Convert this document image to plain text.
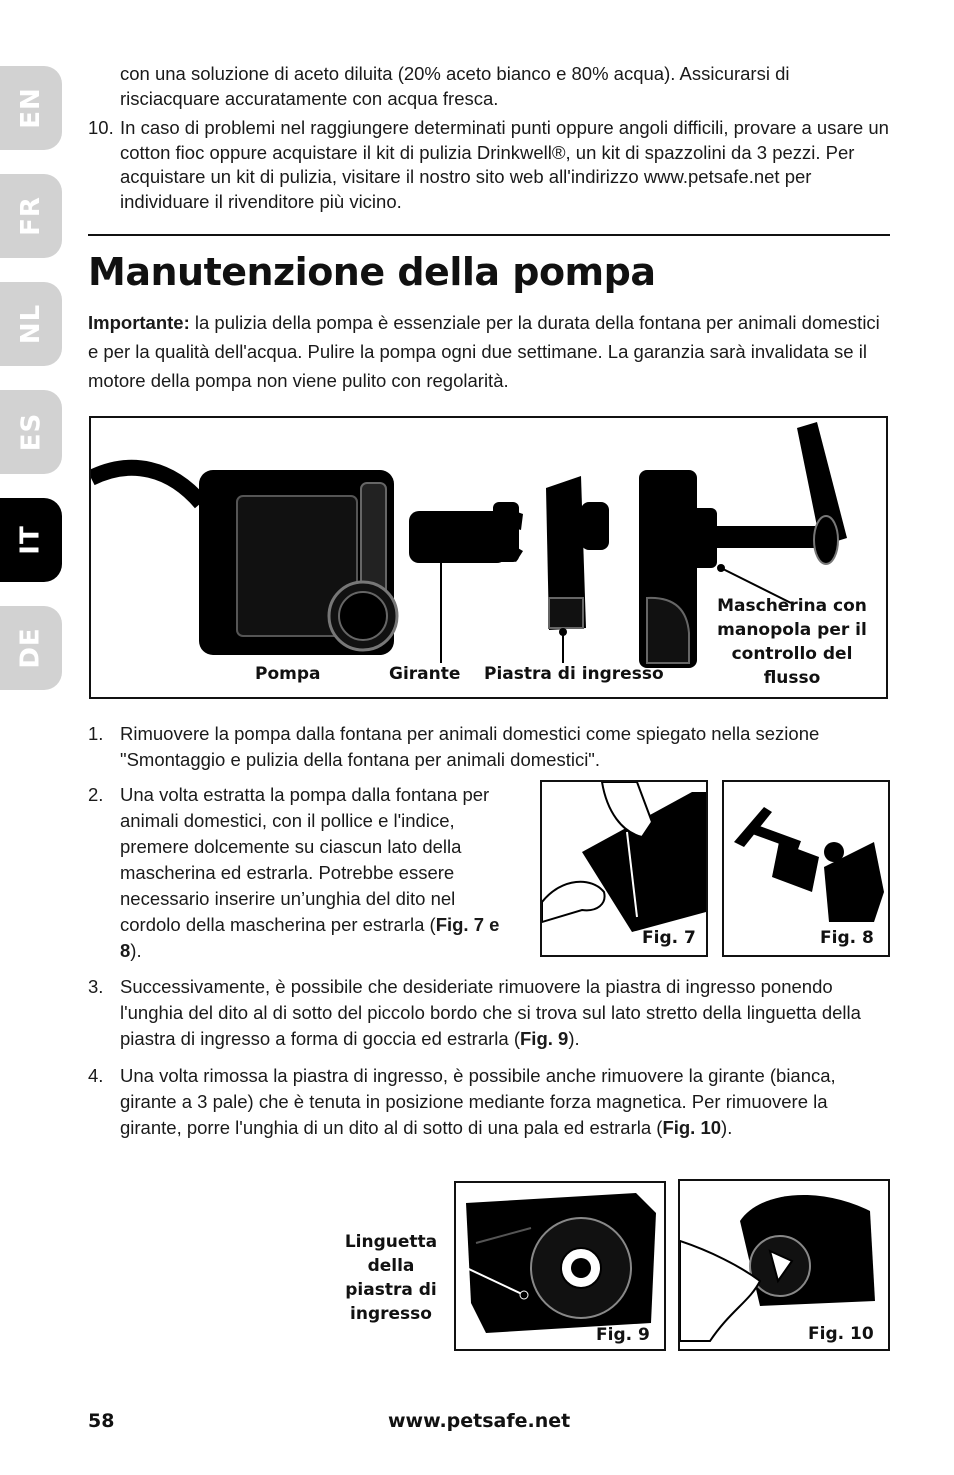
EN
FR
NL
ES
IT
DE
con una soluzione di aceto diluita (20% aceto bianco e 80% acqua). Assicurarsi di risciacquare accuratamente con acqua fresca.
10. In caso di problemi nel raggiungere determinati punti oppure angoli difficili, provare a usare un cotton fioc oppure acquistare il kit di pulizia Drinkwell®, un kit di spazzolini da 3 pezzi. Per acquistare un kit di pulizia, visitare il nostro sito web all'indirizzo www.petsafe.net per individuare il rivenditore più vicino.
Manutenzione della pompa
Importante: la pulizia della pompa è essenziale per la durata della fontana per animali domestici e per la qualità dell'acqua. Pulire la pompa ogni due settimane. La garanzia sarà invalidata se il motore della pompa non viene pulito con regolarità.
Pompa	Girante Piastra di ingresso
Mascherina con manopola per il controllo del flusso
1. Rimuovere la pompa dalla fontana per animali domestici come spiegato nella sezione "Smontaggio e pulizia della fontana per animali domestici".
2. Una volta estratta la pompa dalla fontana per animali domestici, con il pollice e l'indice, premere dolcemente su ciascun lato della mascherina ed estrarla. Potrebbe essere necessario inserire un’unghia del dito nel cordolo della mascherina per estrarla (Fig. 7 e 8).
Fig. 7	Fig. 8
3. Successivamente, è possibile che desideriate rimuovere la piastra di ingresso ponendo l'unghia del dito al di sotto del piccolo bordo che si trova sul lato stretto della linguetta della piastra di ingresso a forma di goccia ed estrarla (Fig. 9).
4. Una volta rimossa la piastra di ingresso, è possibile anche rimuovere la girante (bianca, girante a 3 pale) che è tenuta in posizione mediante forza magnetica. Per rimuovere la girante, porre l'unghia di un dito al di sotto di una pala ed estrarla (Fig. 10).
Linguetta della piastra di ingresso
Fig. 9	Fig. 10
58	www.petsafe.net
